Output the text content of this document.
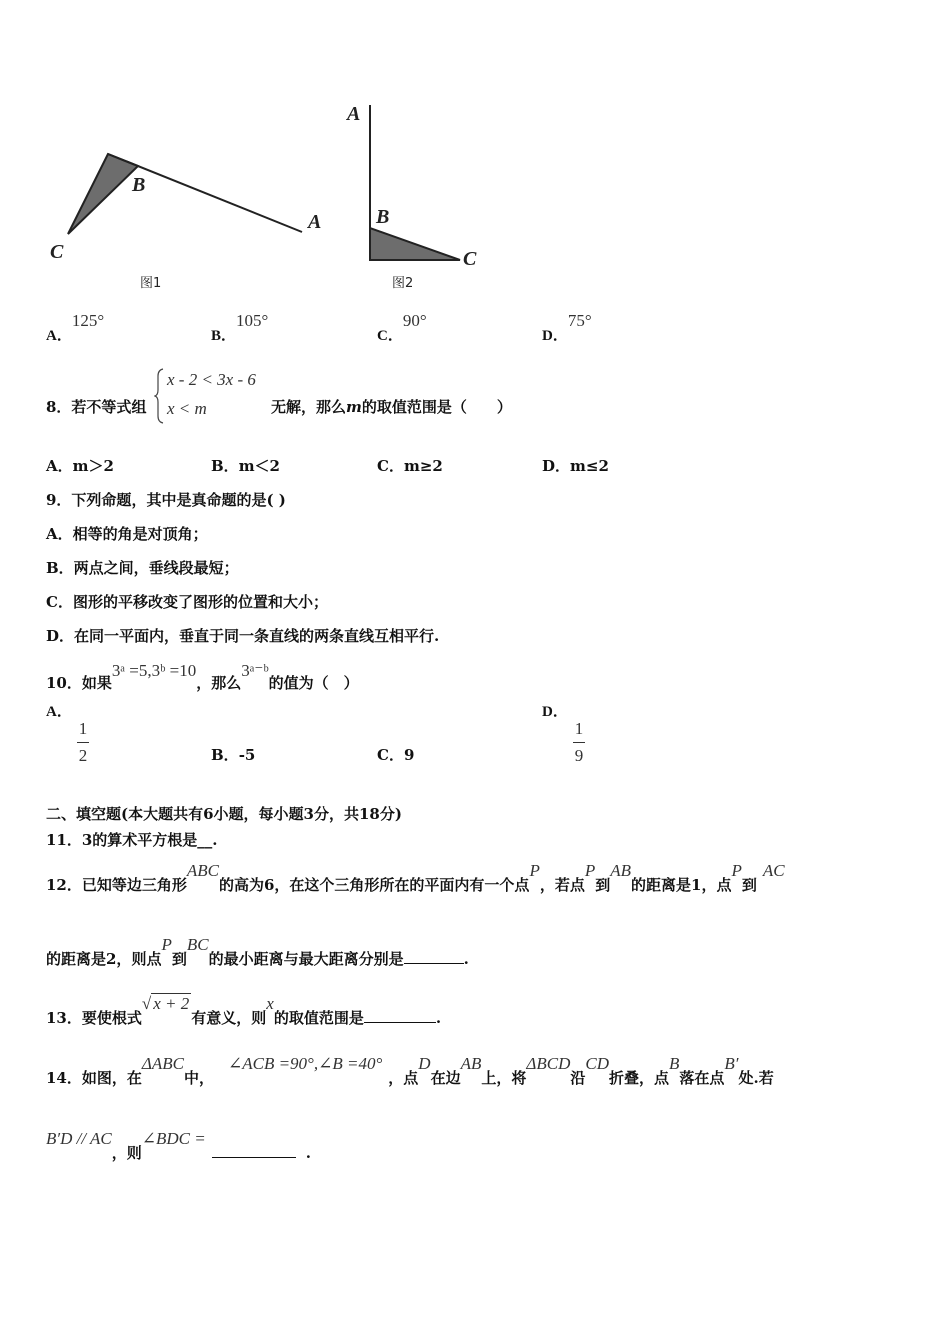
B
A
C
图1
A
B
C
图2
A．125°
B．105°
C．90°
D．75°
8．若不等式组
x - 2 < 3x - 6
x < m	无解，那么m的取值范围是（　　）
A．m＞2	B．m＜2	C．m≥2	D．m≤2
9．下列命题，其中是真命题的是( )
A．相等的角是对顶角；
B．两点之间，垂线段最短；
C．图形的平移改变了图形的位置和大小；
D．在同一平面内，垂直于同一条直线的两条直线互相平行.
10．如果3ᵃ =5,3ᵇ =10，那么3ᵃ⁻ᵇ的值为（　）
A．
$\frac{1}{2}$	B．-5	C．9
D．
$\frac{1}{9}$
二、填空题(本大题共有6小题，每小题3分，共18分)
11．3的算术平方根是__.
12．已知等边三角形ABC的高为6，在这个三角形所在的平面内有一个点P，若点P到AB的距离是1，点P到AC
的距离是2，则点P到BC的最小距离与最大距离分别是	.
13．要使根式√ x + 2有意义，则x的取值范围是	.
14．如图，在ΔABC中，∠ACB =90°,∠B =40°，点D在边AB上，将ΔBCD沿CD折叠，点B落在点B′处.若
B′D // AC，则∠BDC =.
